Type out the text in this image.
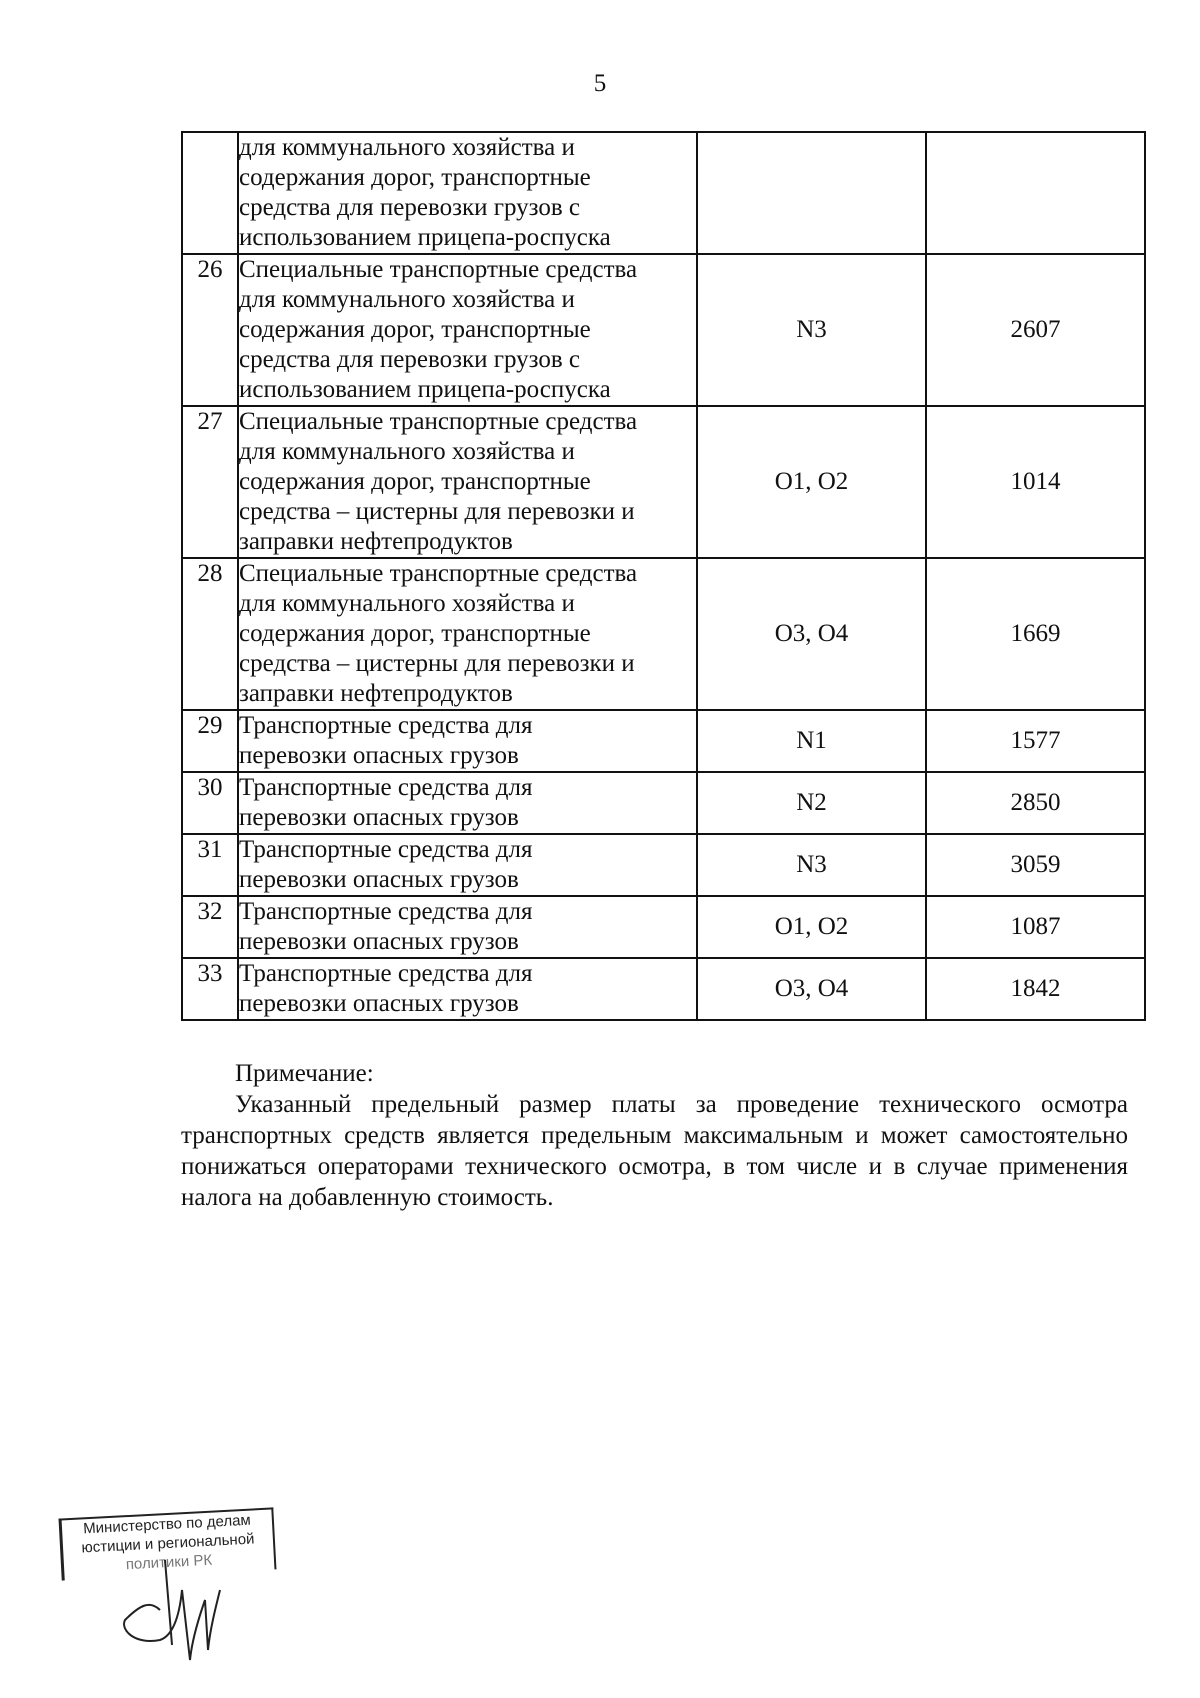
5

	для коммунального хозяйства и
содержания дорог, транспортные
средства для перевозки грузов с
использованием прицепа-роспуска		

26	Специальные транспортные средства
для коммунального хозяйства и
содержания дорог, транспортные
средства для перевозки грузов с
использованием прицепа-роспуска	N3	2607
27	Специальные транспортные средства
для коммунального хозяйства и
содержания дорог, транспортные
средства – цистерны для перевозки и
заправки нефтепродуктов	O1, O2	1014
28	Специальные транспортные средства
для коммунального хозяйства и
содержания дорог, транспортные
средства – цистерны для перевозки и
заправки нефтепродуктов	O3, O4	1669
29	Транспортные средства для
перевозки опасных грузов	N1	1577
30	Транспортные средства для
перевозки опасных грузов	N2	2850
31	Транспортные средства для
перевозки опасных грузов	N3	3059
32	Транспортные средства для
перевозки опасных грузов	O1, O2	1087
33	Транспортные средства для
перевозки опасных грузов	O3, O4	1842
Примечание:

Указанный предельный размер платы за проведение технического осмотра транспортных средств является предельным максимальным и может самостоятельно понижаться операторами технического осмотра, в том числе и в случае применения налога на добавленную стоимость.

Министерство по делам
юстиции и региональной
политики РК
